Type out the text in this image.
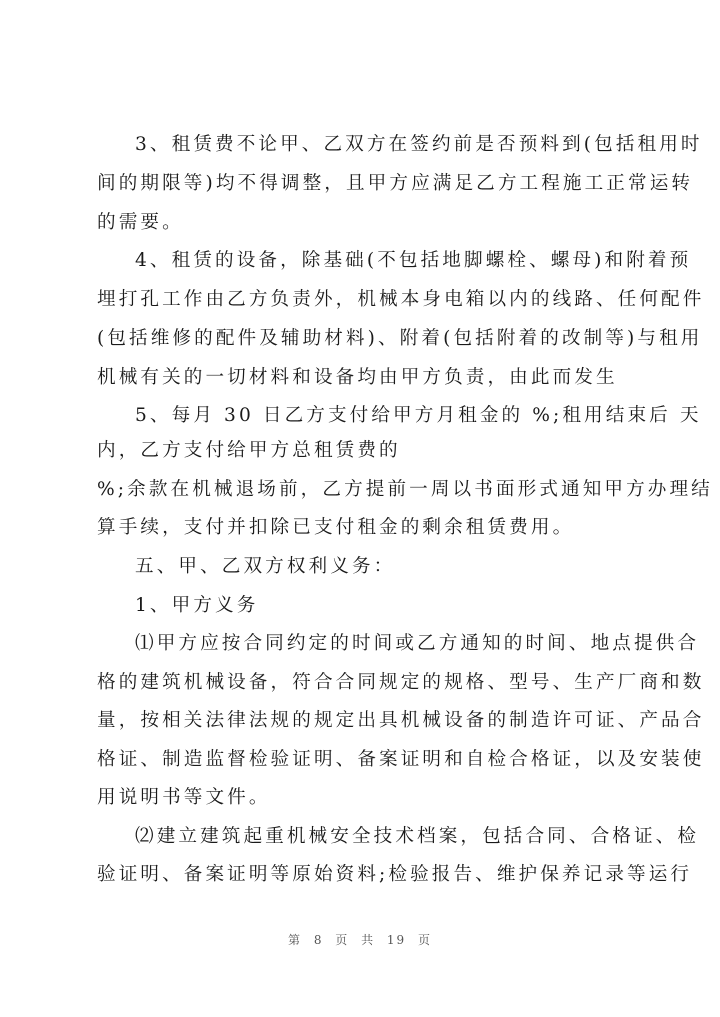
3、租赁费不论甲、乙双方在签约前是否预料到(包括租用时

间的期限等)均不得调整，且甲方应满足乙方工程施工正常运转

的需要。

4、租赁的设备，除基础(不包括地脚螺栓、螺母)和附着预

埋打孔工作由乙方负责外，机械本身电箱以内的线路、任何配件

(包括维修的配件及辅助材料)、附着(包括附着的改制等)与租用

机械有关的一切材料和设备均由甲方负责，由此而发生

5、每月 30 日乙方支付给甲方月租金的 %;租用结束后 天

内，乙方支付给甲方总租赁费的

%;余款在机械退场前，乙方提前一周以书面形式通知甲方办理结

算手续，支付并扣除已支付租金的剩余租赁费用。

五、甲、乙双方权利义务：

1、甲方义务

⑴甲方应按合同约定的时间或乙方通知的时间、地点提供合

格的建筑机械设备，符合合同规定的规格、型号、生产厂商和数

量，按相关法律法规的规定出具机械设备的制造许可证、产品合

格证、制造监督检验证明、备案证明和自检合格证，以及安装使

用说明书等文件。

⑵建立建筑起重机械安全技术档案，包括合同、合格证、检

验证明、备案证明等原始资料;检验报告、维护保养记录等运行

第 8 页 共 19 页
